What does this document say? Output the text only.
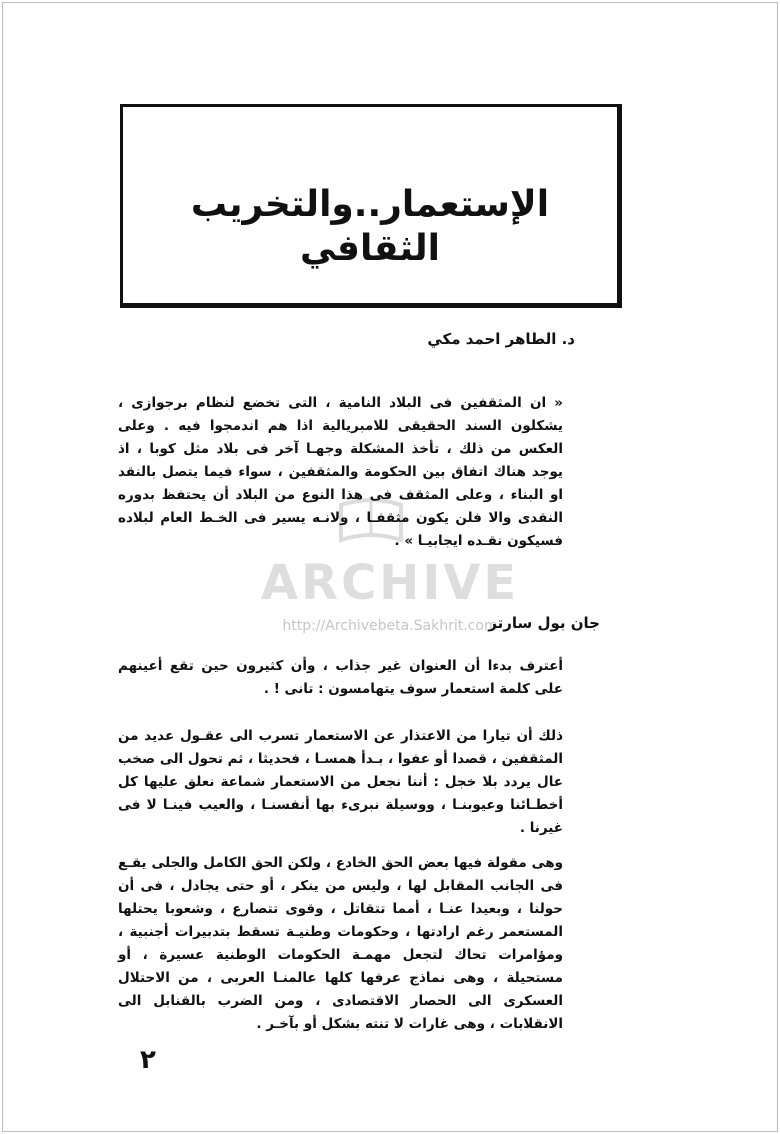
الإستعمار..والتخريب الثقافي
د. الطاهر احمد مكي

« ان المثقفين فى البلاد النامية ، التى تخضع لنظام برجوازى ، يشكلون السند الحقيقى للامبريالية اذا هم اندمجوا فيه . وعلى العكس من ذلك ، تأخذ المشكلة وجهـا آخر فى بلاد مثل كوبا ، اذ يوجد هناك اتفاق بين الحكومة والمثقفين ، سواء فيما يتصل بالنقد او البناء ، وعلى المثقف فى هذا النوع من البلاد أن يحتفظ بدوره النقدى والا فلن يكون مثقفـا ، ولانـه يسير فى الخـط العام لبلاده فسيكون نقـده ايجابيـا » .

ARCHIVE
http://Archivebeta.Sakhrit.com
جان بول سارتر

أعترف بدءا أن العنوان غير جذاب ، وأن كثيرون حين تقع أعينهم على كلمة استعمار سوف يتهامسون : تانى ! .

ذلك أن تيارا من الاعتذار عن الاستعمار تسرب الى عقـول عديد من المثقفين ، قصدا أو عفوا ، بـدأ همسـا ، فحديثا ، ثم تحول الى صخب عال يردد بلا خجل : أننا نجعل من الاستعمار شماعة نعلق عليها كل أخطـائنا وعيوبنـا ، ووسيلة نبرىء بها أنفسنـا ، والعيب فينـا لا فى غيرنا .

وهى مقولة فيها بعض الحق الخادع ، ولكن الحق الكامل والجلى يقـع فى الجانب المقابل لها ، وليس من ينكر ، أو حتى يجادل ، فى أن حولنا ، وبعيدا عنـا ، أمما تتقاتل ، وقوى تتصارع ، وشعوبا يحتلها المستعمر رغم ارادتها ، وحكومات وطنيـة تسقط بتدبيرات أجنبية ، ومؤامرات تحاك لتجعل مهمـة الحكومات الوطنية عسيرة ، أو مستحيلة ، وهى نماذج عرفها كلها عالمنـا العربى ، من الاحتلال العسكرى الى الحصار الاقتصادى ، ومن الضرب بالقنابل الى الانقلابات ، وهى غارات لا تنته بشكل أو بآخـر .

٢
